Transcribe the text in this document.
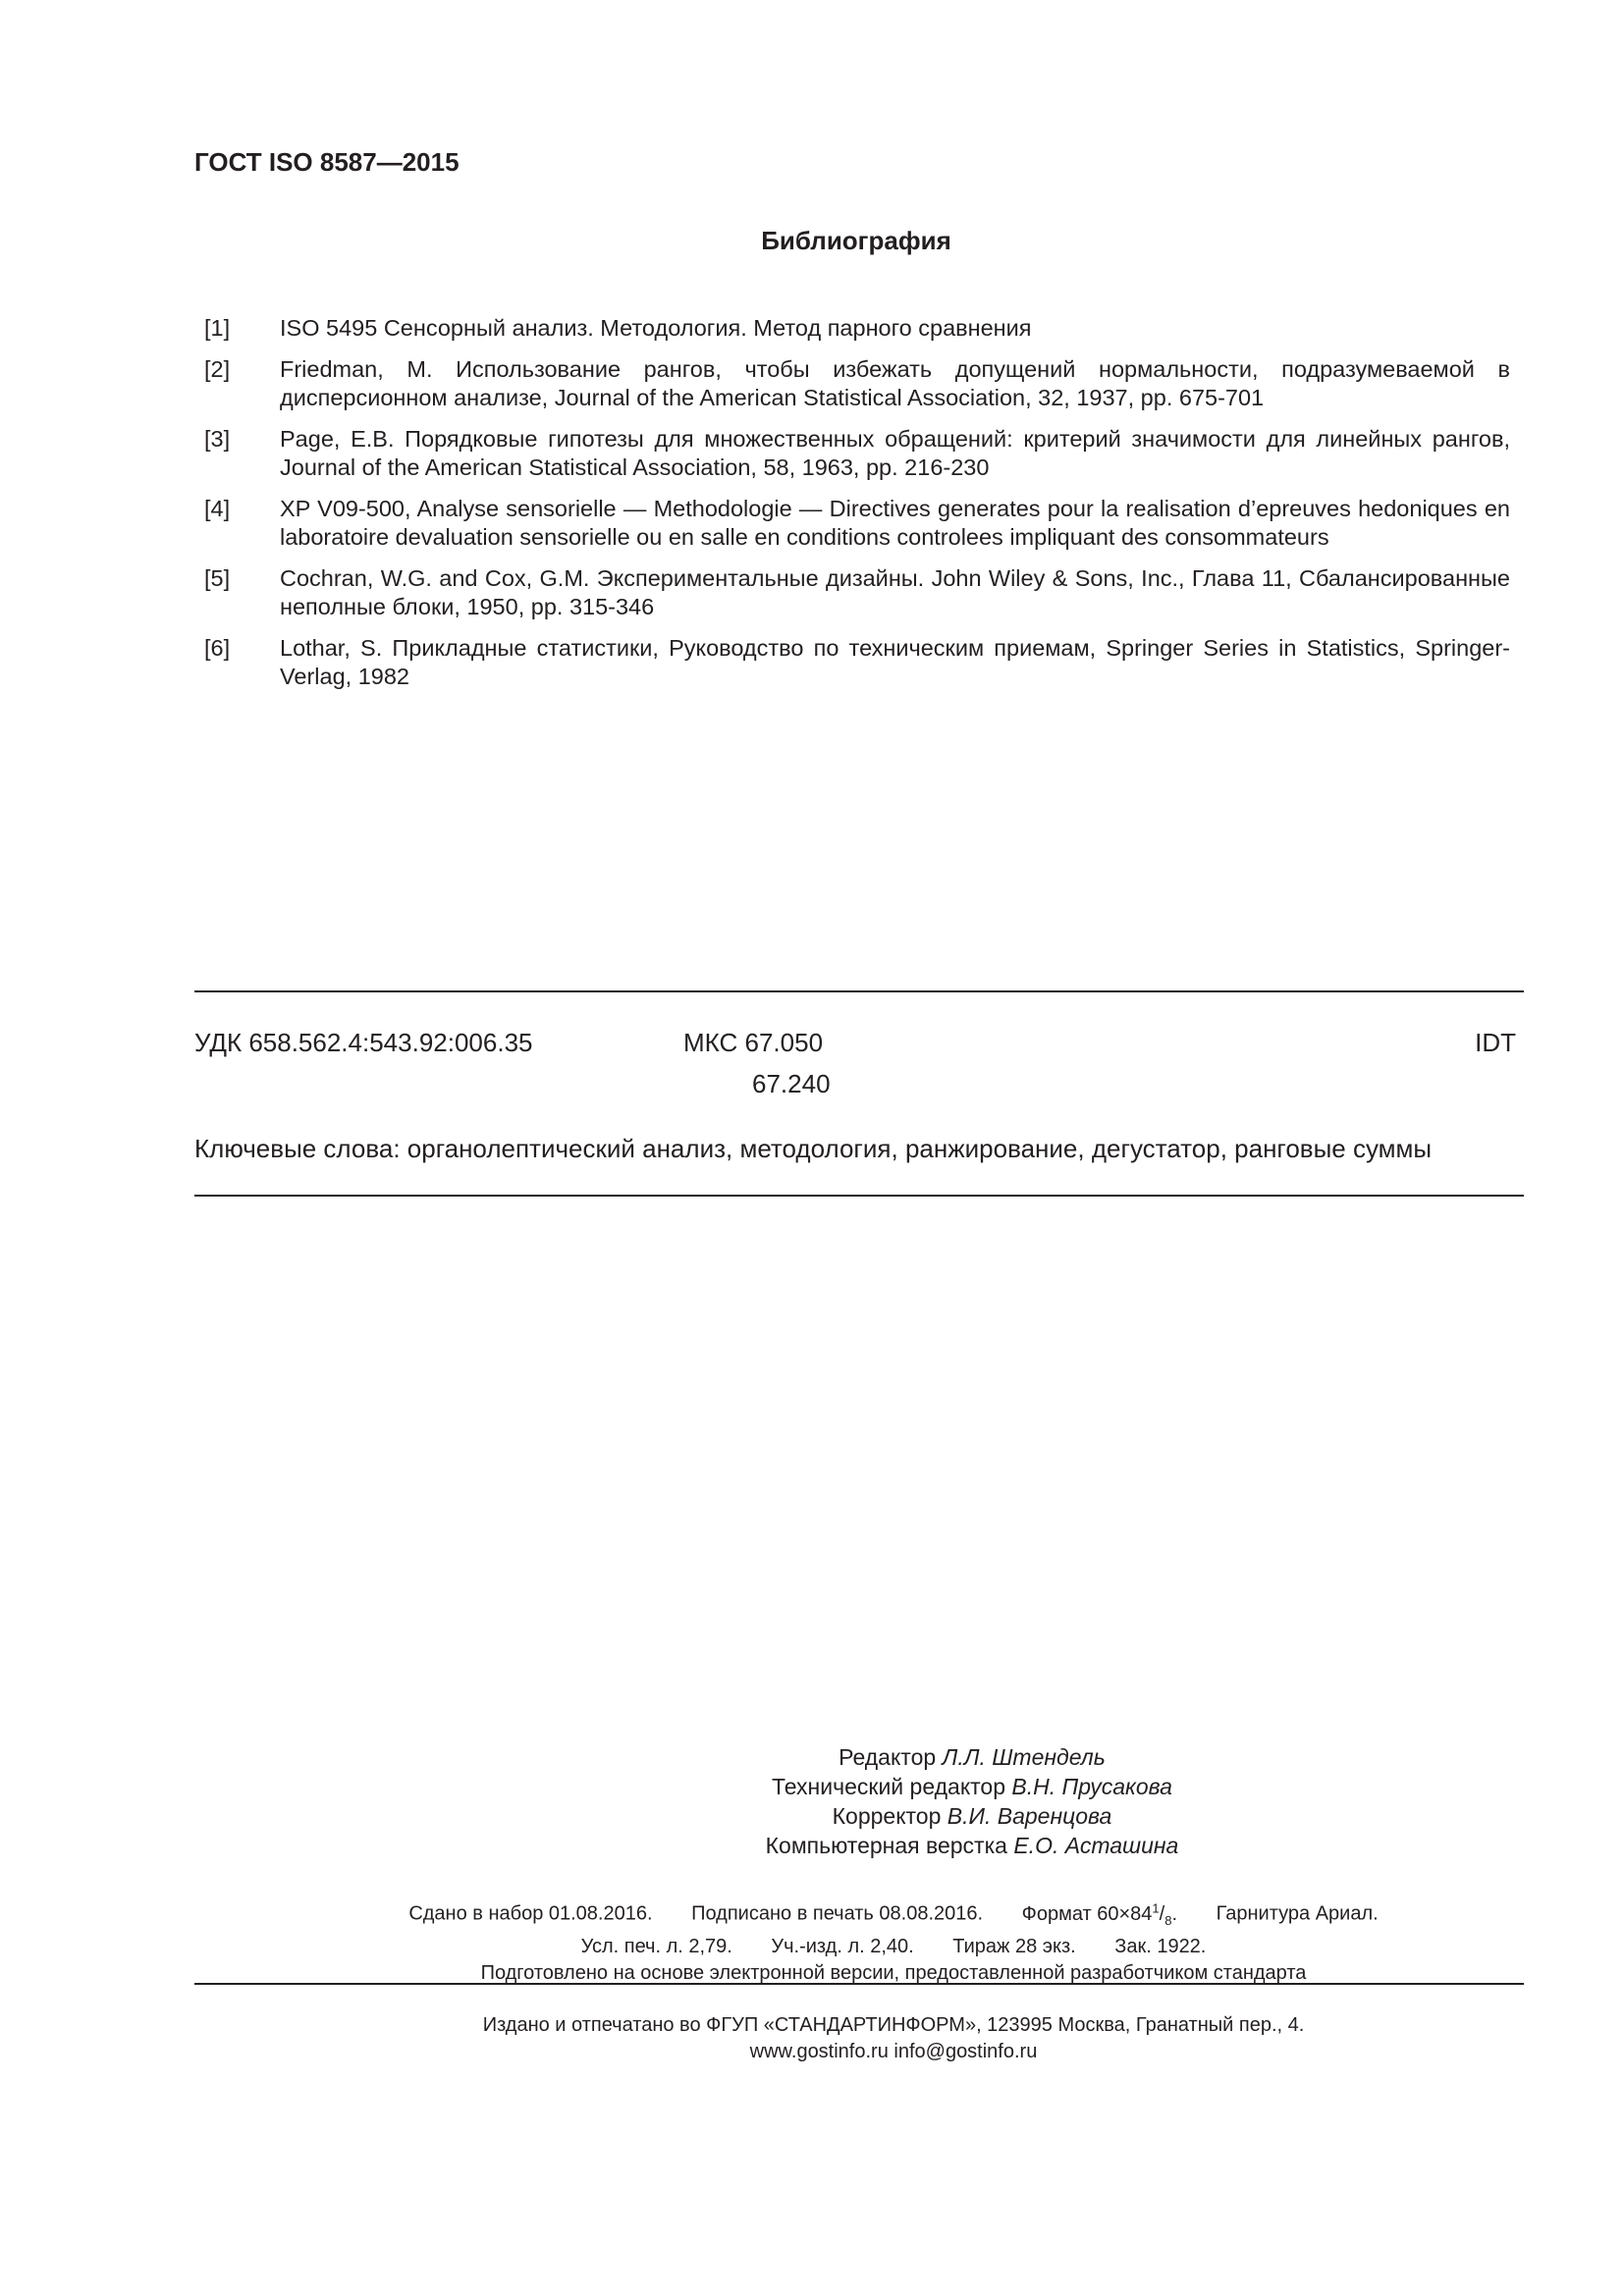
ГОСТ ISO 8587—2015
Библиография
[1]	ISO 5495 Сенсорный анализ. Методология. Метод парного сравнения
[2]	Friedman, M. Использование рангов, чтобы избежать допущений нормальности, подразумеваемой в дисперсионном анализе, Journal of the American Statistical Association, 32, 1937, pp. 675-701
[3]	Page, E.B. Порядковые гипотезы для множественных обращений: критерий значимости для линейных рангов, Journal of the American Statistical Association, 58, 1963, pp. 216-230
[4]	XP V09-500, Analyse sensorielle — Methodologie — Directives generates pour la realisation d’epreuves hedoniques en laboratoire devaluation sensorielle ou en salle en conditions controlees impliquant des consommateurs
[5]	Cochran, W.G. and Cox, G.M. Экспериментальные дизайны. John Wiley & Sons, Inc., Глава 11, Сбалансированные неполные блоки, 1950, pp. 315-346
[6]	Lothar, S. Прикладные статистики, Руководство по техническим приемам, Springer Series in Statistics, Springer-Verlag, 1982
УДК 658.562.4:543.92:006.35	МКС 67.050
67.240
IDT
Ключевые слова: органолептический анализ, методология, ранжирование, дегустатор, ранговые суммы
Редактор Л.Л. Штендель
Технический редактор В.Н. Прусакова
Корректор В.И. Варенцова
Компьютерная верстка Е.О. Асташина
Сдано в набор 01.08.2016. Подписано в печать 08.08.2016. Формат $60\times 84^1/_8$. Гарнитура Ариал.
Усл. печ. л. 2,79. Уч.-изд. л. 2,40. Тираж 28 экз. Зак. 1922.
Подготовлено на основе электронной версии, предоставленной разработчиком стандарта
Издано и отпечатано во ФГУП «СТАНДАРТИНФОРМ», 123995 Москва, Гранатный пер., 4.
www.gostinfo.ru info@gostinfo.ru
